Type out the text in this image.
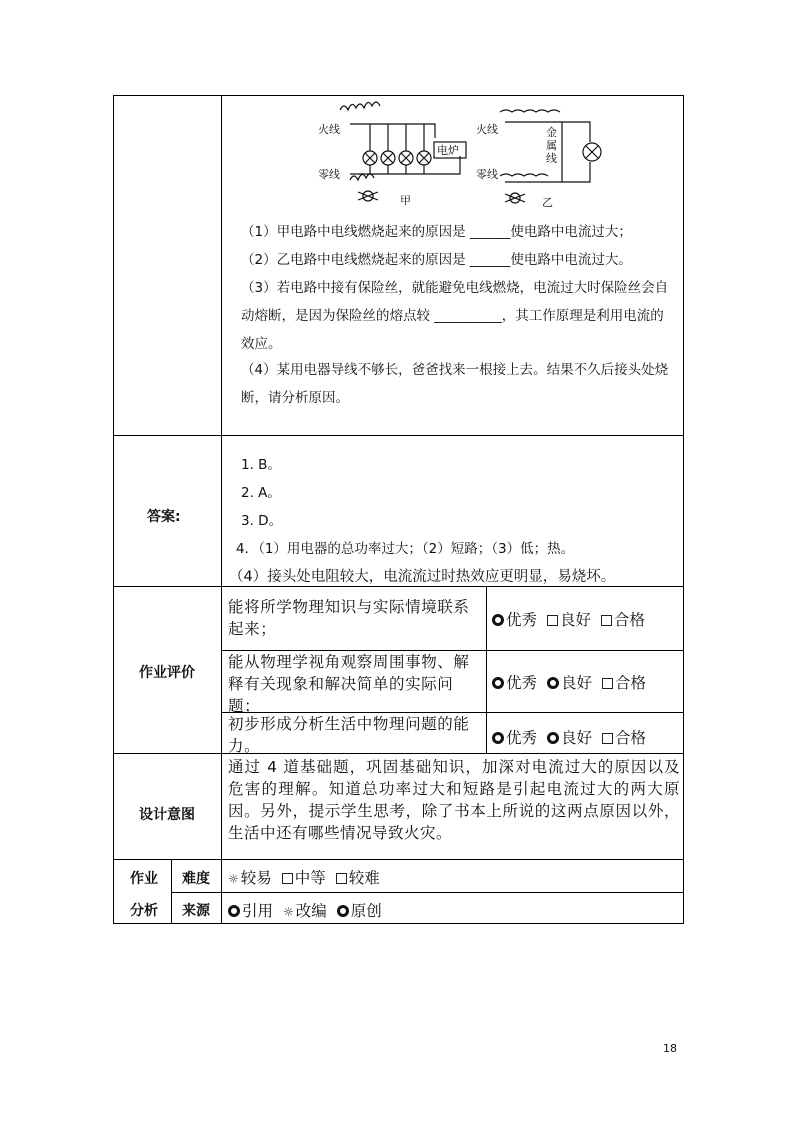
火线
零线
电炉
甲
火线
零线
金属线
乙
（1）甲电路中电线燃烧起来的原因是 ______使电路中电流过大；
（2）乙电路中电线燃烧起来的原因是 ______使电路中电流过大。
（3）若电路中接有保险丝，就能避免电线燃烧，电流过大时保险丝会自
动熔断，是因为保险丝的熔点较 __________，其工作原理是利用电流的
效应。
（4）某用电器导线不够长，爸爸找来一根接上去。结果不久后接头处烧
断，请分析原因。
答案:
1. B。
2. A。
3. D。
4．（1）用电器的总功率过大；（2）短路；（3）低；热。
（4）接头处电阻较大，电流流过时热效应更明显，易烧坏。
作业评价
能将所学物理知识与实际情境联系起来；	优秀 良好 合格
能从物理学视角观察周围事物、解释有关现象和解决简单的实际问题；
优秀 良好 合格
初步形成分析生活中物理问题的能力。	优秀 良好 合格
设计意图
通过 4 道基础题，巩固基础知识，加深对电流过大的原因以及危害的理解。知道总功率过大和短路是引起电流过大的两大原因。另外，提示学生思考，除了书本上所说的这两点原因以外，生活中还有哪些情况导致火灾。
作业
分析
难度
来源
☼ 较易 中等 较难
引用 ☼ 改编 原创
18
